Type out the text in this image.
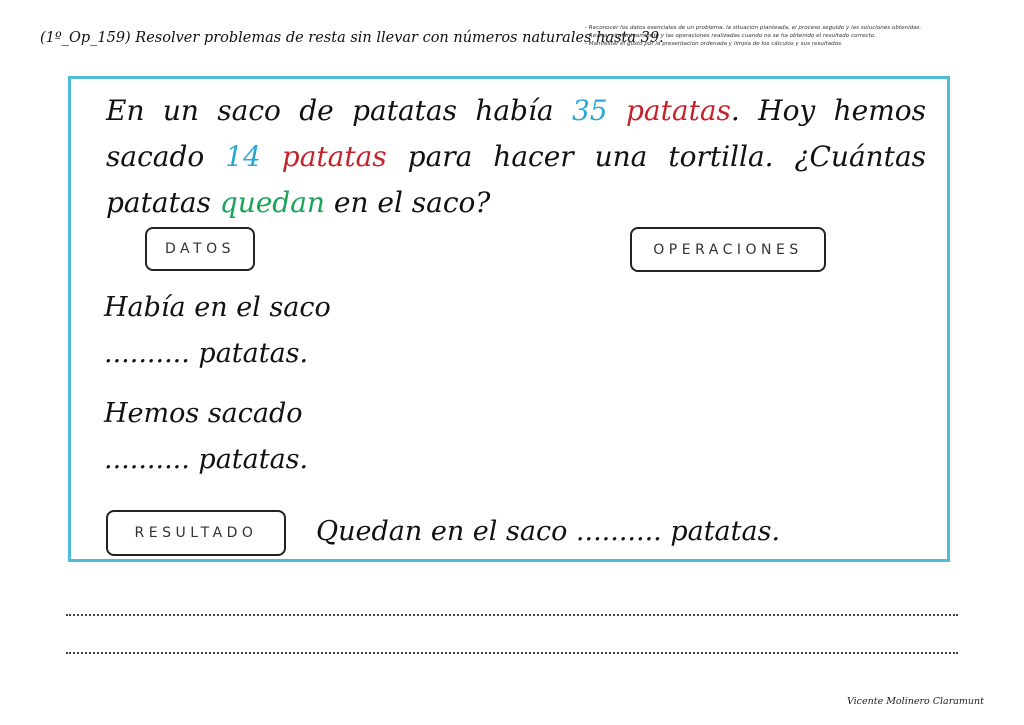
(1º_Op_159) Resolver problemas de resta sin llevar con números naturales hasta 39.
- Reconocer los datos esenciales de un problema, la situación planteada, el proceso seguido y las soluciones obtenidas.
- Revisar el planteamiento y las operaciones realizadas cuando no se ha obtenido el resultado correcto.
- Manifestar el gusto por la presentación ordenada y limpia de los cálculos y sus resultados.
En un saco de patatas había 35 patatas. Hoy hemos sacado 14 patatas para hacer una tortilla. ¿Cuántas patatas quedan en el saco?
DATOS	OPERACIONES
Había en el saco
.......... patatas.
Hemos sacado
.......... patatas.
RESULTADO Quedan en el saco .......... patatas.
Vicente Molinero Claramunt
